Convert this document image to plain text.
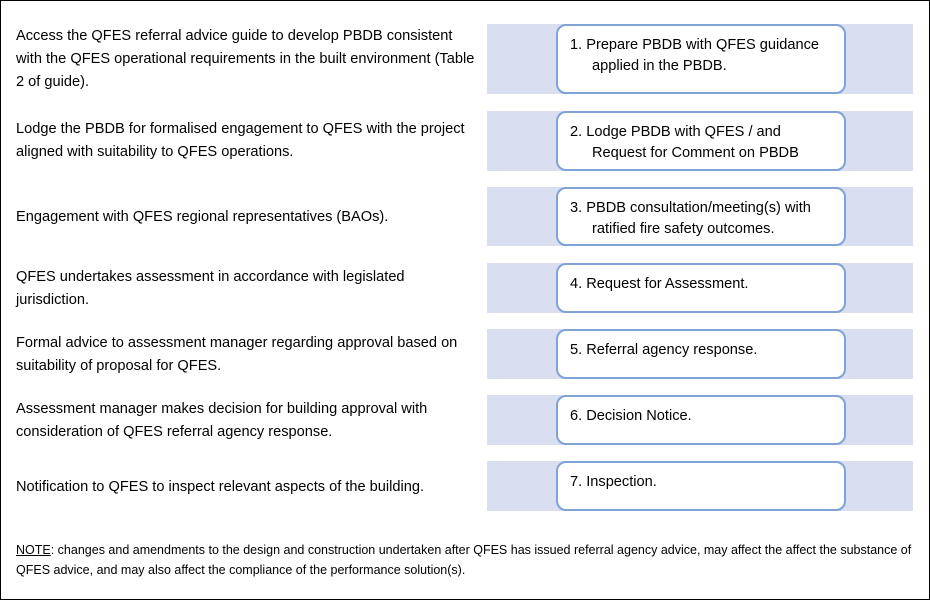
Access the QFES referral advice guide to develop PBDB consistent with the QFES operational requirements in the built environment (Table 2 of guide).
1. Prepare PBDB with QFES guidance applied in the PBDB.
Lodge the PBDB for formalised engagement to QFES with the project aligned with suitability to QFES operations.
2. Lodge PBDB with QFES / and Request for Comment on PBDB
Engagement with QFES regional representatives (BAOs).
3. PBDB consultation/meeting(s) with ratified fire safety outcomes.
QFES undertakes assessment in accordance with legislated jurisdiction.
4. Request for Assessment.
Formal advice to assessment manager regarding approval based on suitability of proposal for QFES.
5. Referral agency response.
Assessment manager makes decision for building approval with consideration of QFES referral agency response.
6. Decision Notice.
Notification to QFES to inspect relevant aspects of the building.	7. Inspection.
NOTE: changes and amendments to the design and construction undertaken after QFES has issued referral agency advice, may affect the affect the substance of QFES advice, and may also affect the compliance of the performance solution(s).
